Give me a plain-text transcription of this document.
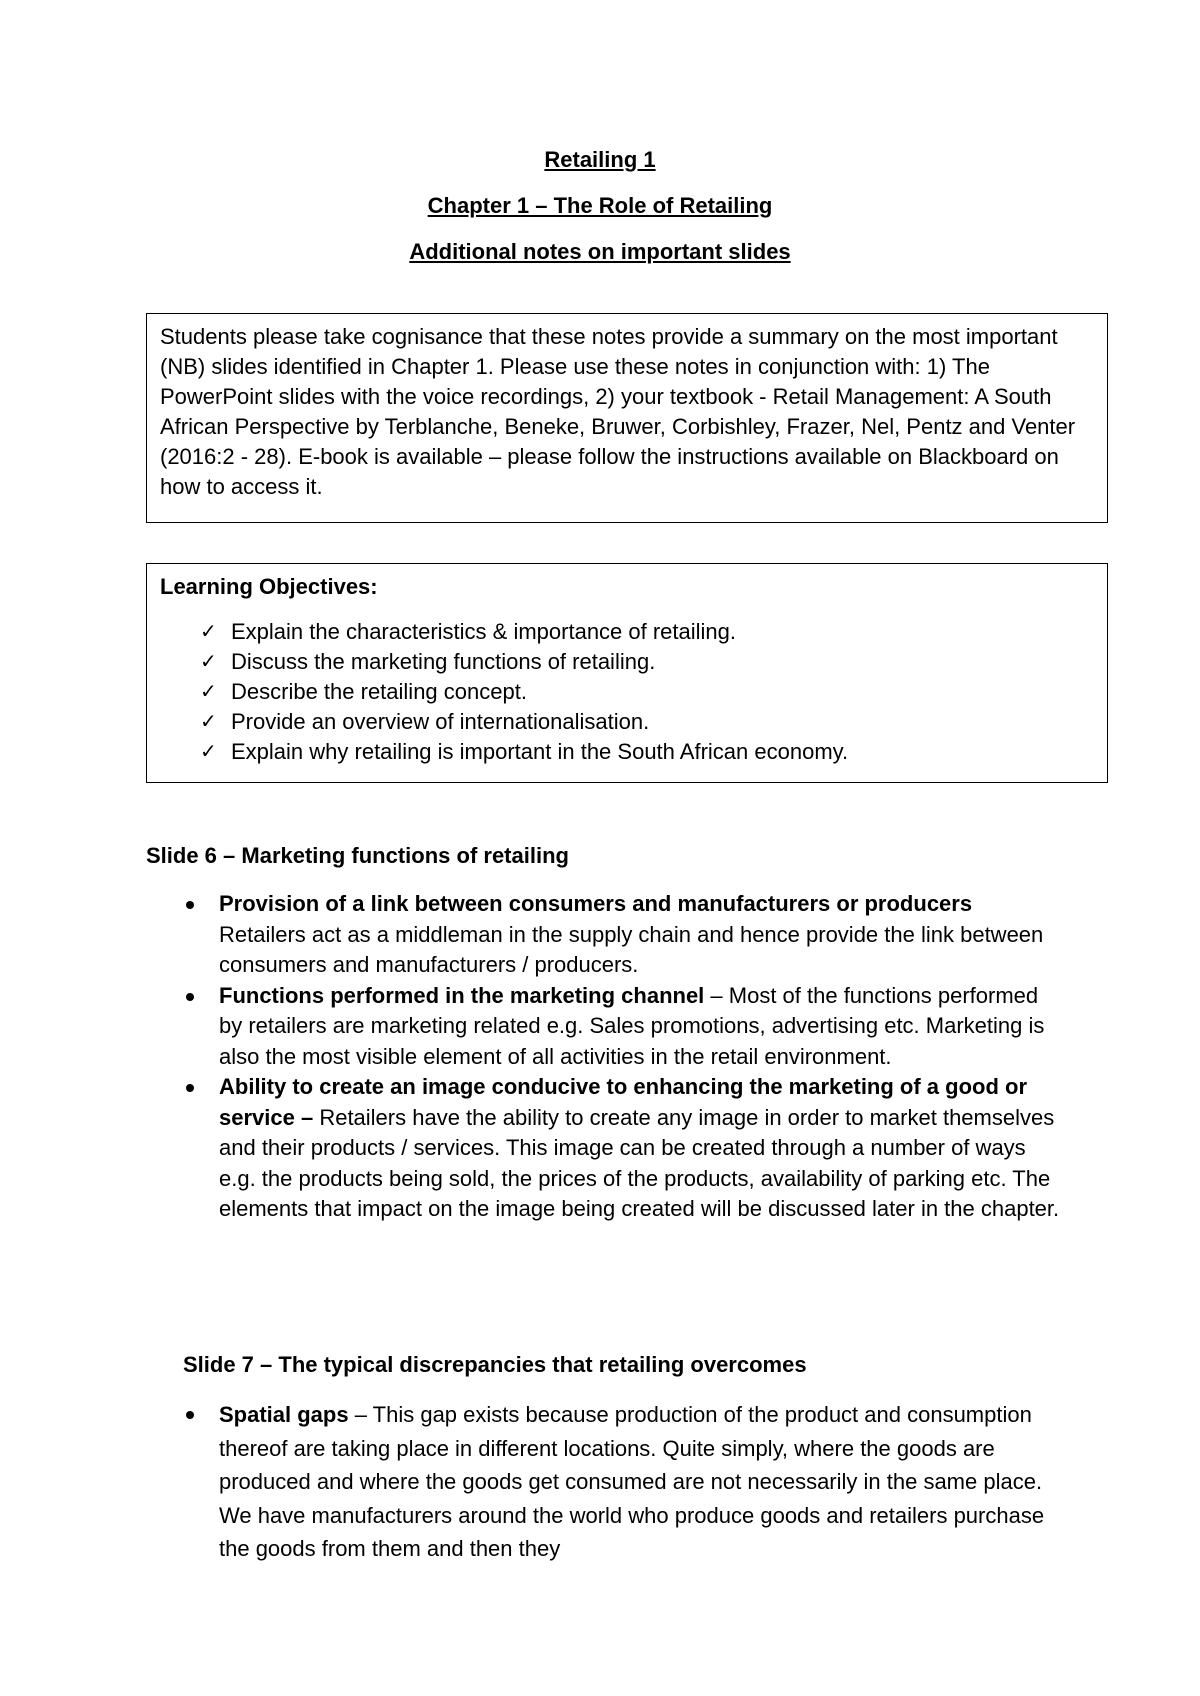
Retailing 1
Chapter 1 – The Role of Retailing
Additional notes on important slides
Students please take cognisance that these notes provide a summary on the most important (NB) slides identified in Chapter 1. Please use these notes in conjunction with: 1) The PowerPoint slides with the voice recordings, 2) your textbook - Retail Management: A South African Perspective by Terblanche, Beneke, Bruwer, Corbishley, Frazer, Nel, Pentz and Venter (2016:2 - 28). E-book is available – please follow the instructions available on Blackboard on how to access it.
Learning Objectives:
✓ Explain the characteristics & importance of retailing.
✓ Discuss the marketing functions of retailing.
✓ Describe the retailing concept.
✓ Provide an overview of internationalisation.
✓ Explain why retailing is important in the South African economy.
Slide 6 – Marketing functions of retailing
Provision of a link between consumers and manufacturers or producers
Retailers act as a middleman in the supply chain and hence provide the link between consumers and manufacturers / producers.
Functions performed in the marketing channel – Most of the functions performed by retailers are marketing related e.g. Sales promotions, advertising etc. Marketing is also the most visible element of all activities in the retail environment.
Ability to create an image conducive to enhancing the marketing of a good or service – Retailers have the ability to create any image in order to market themselves and their products / services. This image can be created through a number of ways e.g. the products being sold, the prices of the products, availability of parking etc. The elements that impact on the image being created will be discussed later in the chapter.
Slide 7 – The typical discrepancies that retailing overcomes
Spatial gaps – This gap exists because production of the product and consumption thereof are taking place in different locations. Quite simply, where the goods are produced and where the goods get consumed are not necessarily in the same place. We have manufacturers around the world who produce goods and retailers purchase the goods from them and then they
